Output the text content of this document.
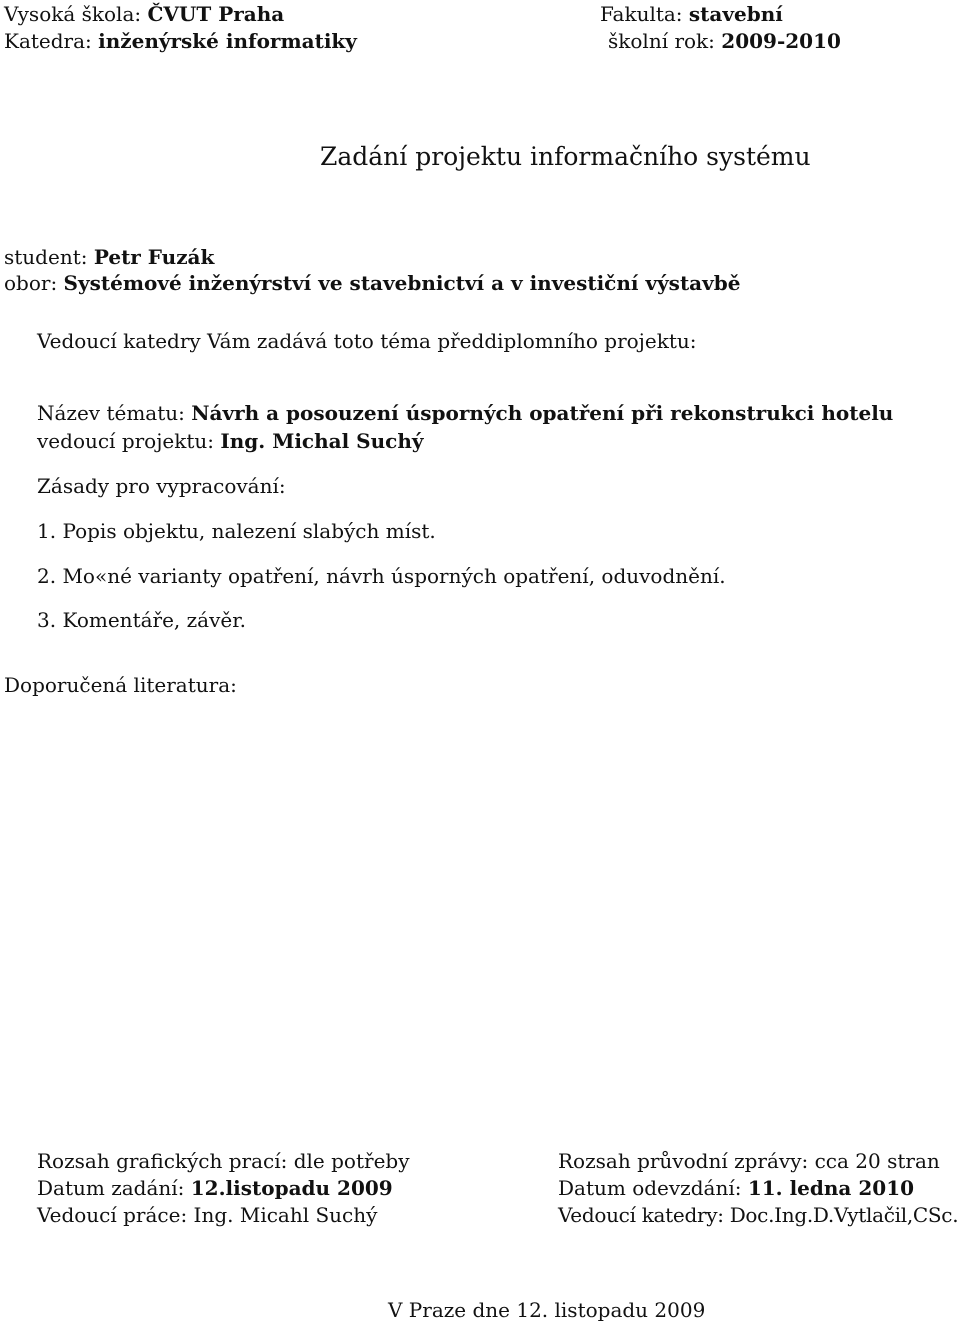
Vysoká škola: ČVUT Praha	Fakulta: stavební
Katedra: inženýrské informatiky	školní rok: 2009-2010
Zadání projektu informačního systému
student: Petr Fuzák
obor: Systémové inženýrství ve stavebnictví a v investiční výstavbě
Vedoucí katedry Vám zadává toto téma předdiplomního projektu:
Název tématu: Návrh a posouzení úsporných opatření při rekonstrukci hotelu
vedoucí projektu: Ing. Michal Suchý
Zásady pro vypracování:
1. Popis objektu, nalezení slabých míst.
2. Mo«né varianty opatření, návrh úsporných opatření, oduvodnění.
3. Komentáře, závěr.
Doporučená literatura:
Rozsah grafických prací: dle potřeby
Datum zadání: 12.listopadu 2009
Vedoucí práce: Ing. Micahl Suchý
Rozsah průvodní zprávy: cca 20 stran
Datum odevzdání: 11. ledna 2010
Vedoucí katedry: Doc.Ing.D.Vytlačil,CSc.
V Praze dne 12. listopadu 2009
